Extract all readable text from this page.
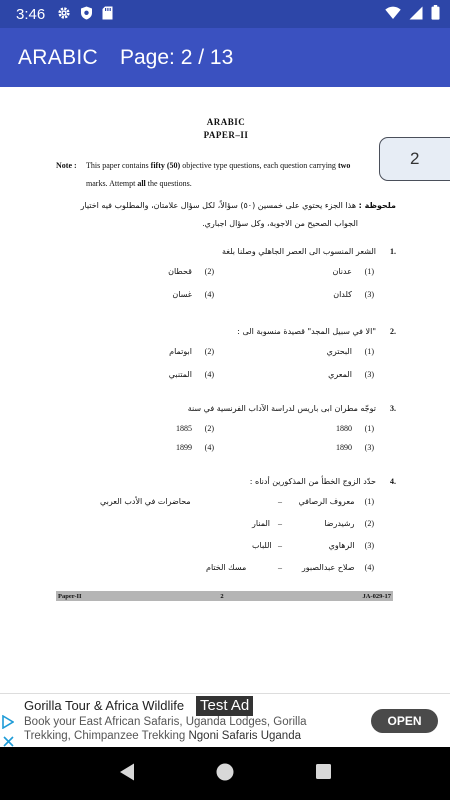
3:46
ARABIC Page: 2 / 13
ARABIC
PAPER–II
Note : This paper contains fifty (50) objective type questions, each question carrying two
marks. Attempt all the questions.
ملحوظة : هذا الجزء يحتوي على خمسين (٥٠) سؤالاً، لكل سؤال علامتان، والمطلوب فيه اختيار
الجواب الصحيح من الاجوبة، وكل سؤال اجباري.
1.
الشعر المنسوب الى العصر الجاهلي وصلنا بلغة
(1)     عدنان
(2)     قحطان
(3)     كلدان
(4)     غسان
2.
"الا في سبيل المجد" قصيدة منسوبة الى :
(1)     البحتري
(2)     ابوتمام
(3)     المعري
(4)     المتنبي
3.
توجّه مطران ابى باريس لدراسة الآداب الفرنسية في سنة
(1)     1880
(2)     1885
(3)     1890
(4)     1899
4.
حدّد الزوج الخطأ من المذكورين أدناه :
(1)    معروف الرصافي
–
محاضرات في الأدب العربي
(2)    رشيدرضا
–
المنار
(3)    الرهاوي
–
اللباب
(4)    صلاح عبدالصبور
–
مسك الختام
Paper-II	2	JA-029-17
2
Gorilla Tour & Africa Wildlife Test Ad
Book your East African Safaris, Uganda Lodges, Gorilla Trekking, Chimpanzee Trekking Ngoni Safaris Uganda
OPEN
